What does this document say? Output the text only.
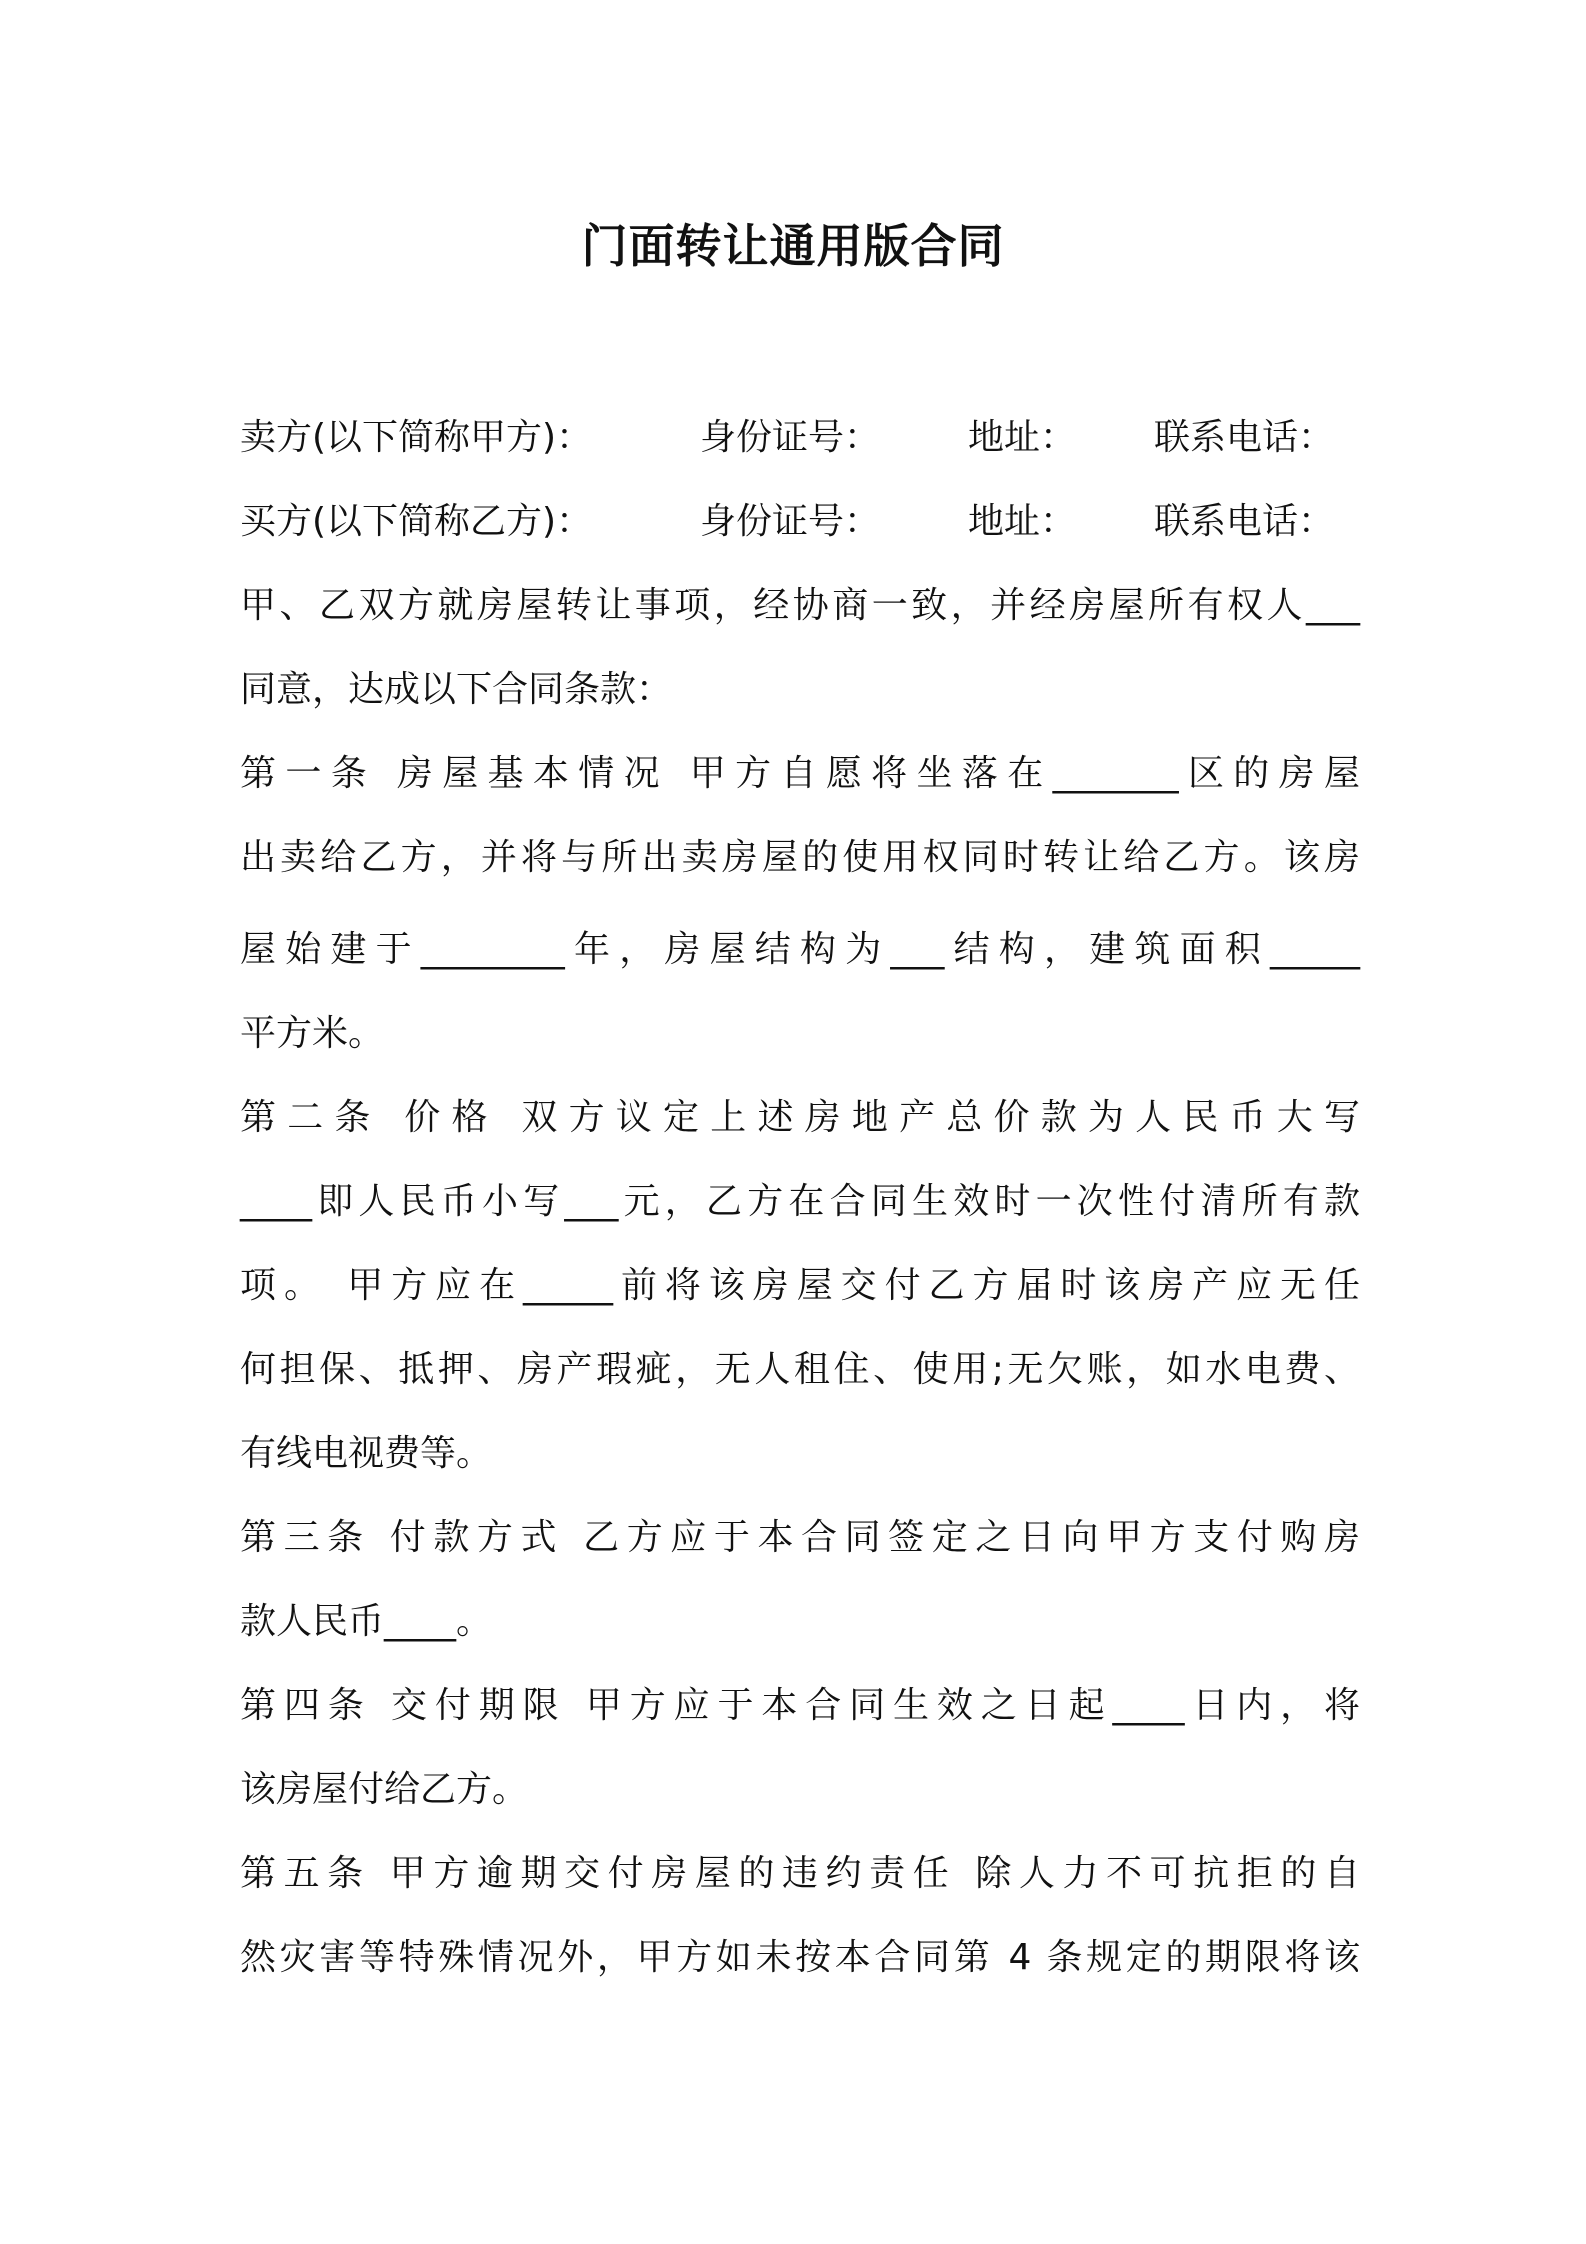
门面转让通用版合同
卖方(以下简称甲方)：	身份证号： 地址： 联系电话：
买方(以下简称乙方)：	身份证号： 地址： 联系电话：
甲、乙双方就房屋转让事项，经协商一致，并经房屋所有权人___
同意，达成以下合同条款：
第一条 房屋基本情况 甲方自愿将坐落在_______区的房屋
出卖给乙方，并将与所出卖房屋的使用权同时转让给乙方。该房
屋始建于________年，房屋结构为___结构，建筑面积_____
平方米。
第二条 价格 双方议定上述房地产总价款为人民币大写
____即人民币小写___元，乙方在合同生效时一次性付清所有款
项。 甲方应在_____前将该房屋交付乙方届时该房产应无任
何担保、抵押、房产瑕疵，无人租住、使用;无欠账，如水电费、
有线电视费等。
第三条 付款方式 乙方应于本合同签定之日向甲方支付购房
款人民币____。
第四条 交付期限 甲方应于本合同生效之日起____日内，将
该房屋付给乙方。
第五条 甲方逾期交付房屋的违约责任 除人力不可抗拒的自
然灾害等特殊情况外，甲方如未按本合同第 4 条规定的期限将该
